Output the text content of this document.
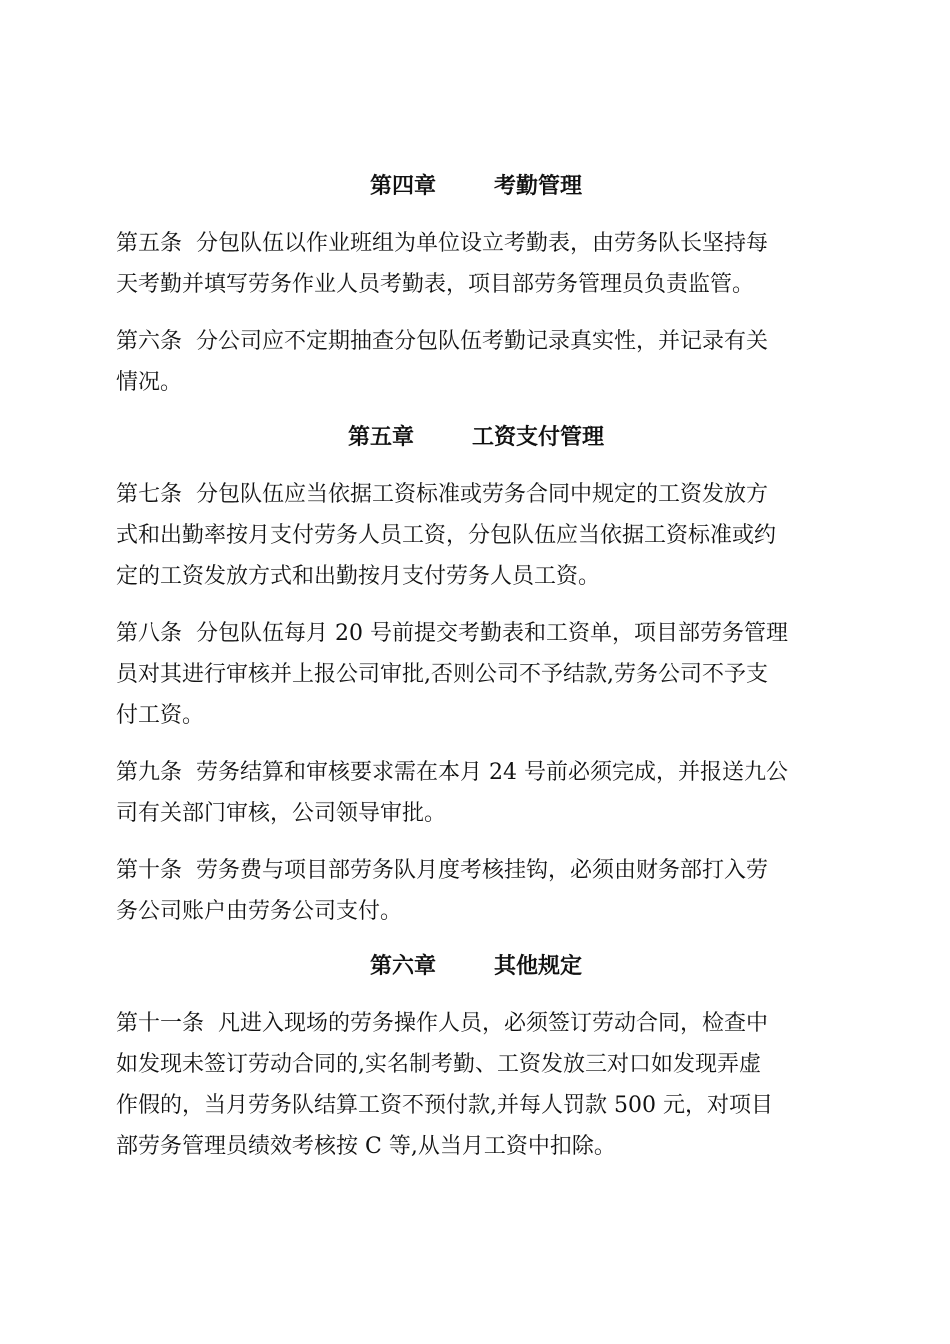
第四章	考勤管理
第五条  分包队伍以作业班组为单位设立考勤表，由劳务队长坚持每
天考勤并填写劳务作业人员考勤表，项目部劳务管理员负责监管。
第六条  分公司应不定期抽查分包队伍考勤记录真实性，并记录有关
情况。
第五章	工资支付管理
第七条  分包队伍应当依据工资标准或劳务合同中规定的工资发放方
式和出勤率按月支付劳务人员工资，分包队伍应当依据工资标准或约
定的工资发放方式和出勤按月支付劳务人员工资。
第八条  分包队伍每月 20 号前提交考勤表和工资单，项目部劳务管理
员对其进行审核并上报公司审批,否则公司不予结款,劳务公司不予支
付工资。
第九条  劳务结算和审核要求需在本月 24 号前必须完成，并报送九公
司有关部门审核，公司领导审批。
第十条  劳务费与项目部劳务队月度考核挂钩，必须由财务部打入劳
务公司账户由劳务公司支付。
第六章	其他规定
第十一条  凡进入现场的劳务操作人员，必须签订劳动合同，检查中
如发现未签订劳动合同的,实名制考勤、工资发放三对口如发现弄虚
作假的，当月劳务队结算工资不预付款,并每人罚款 500 元，对项目
部劳务管理员绩效考核按 C 等,从当月工资中扣除。
